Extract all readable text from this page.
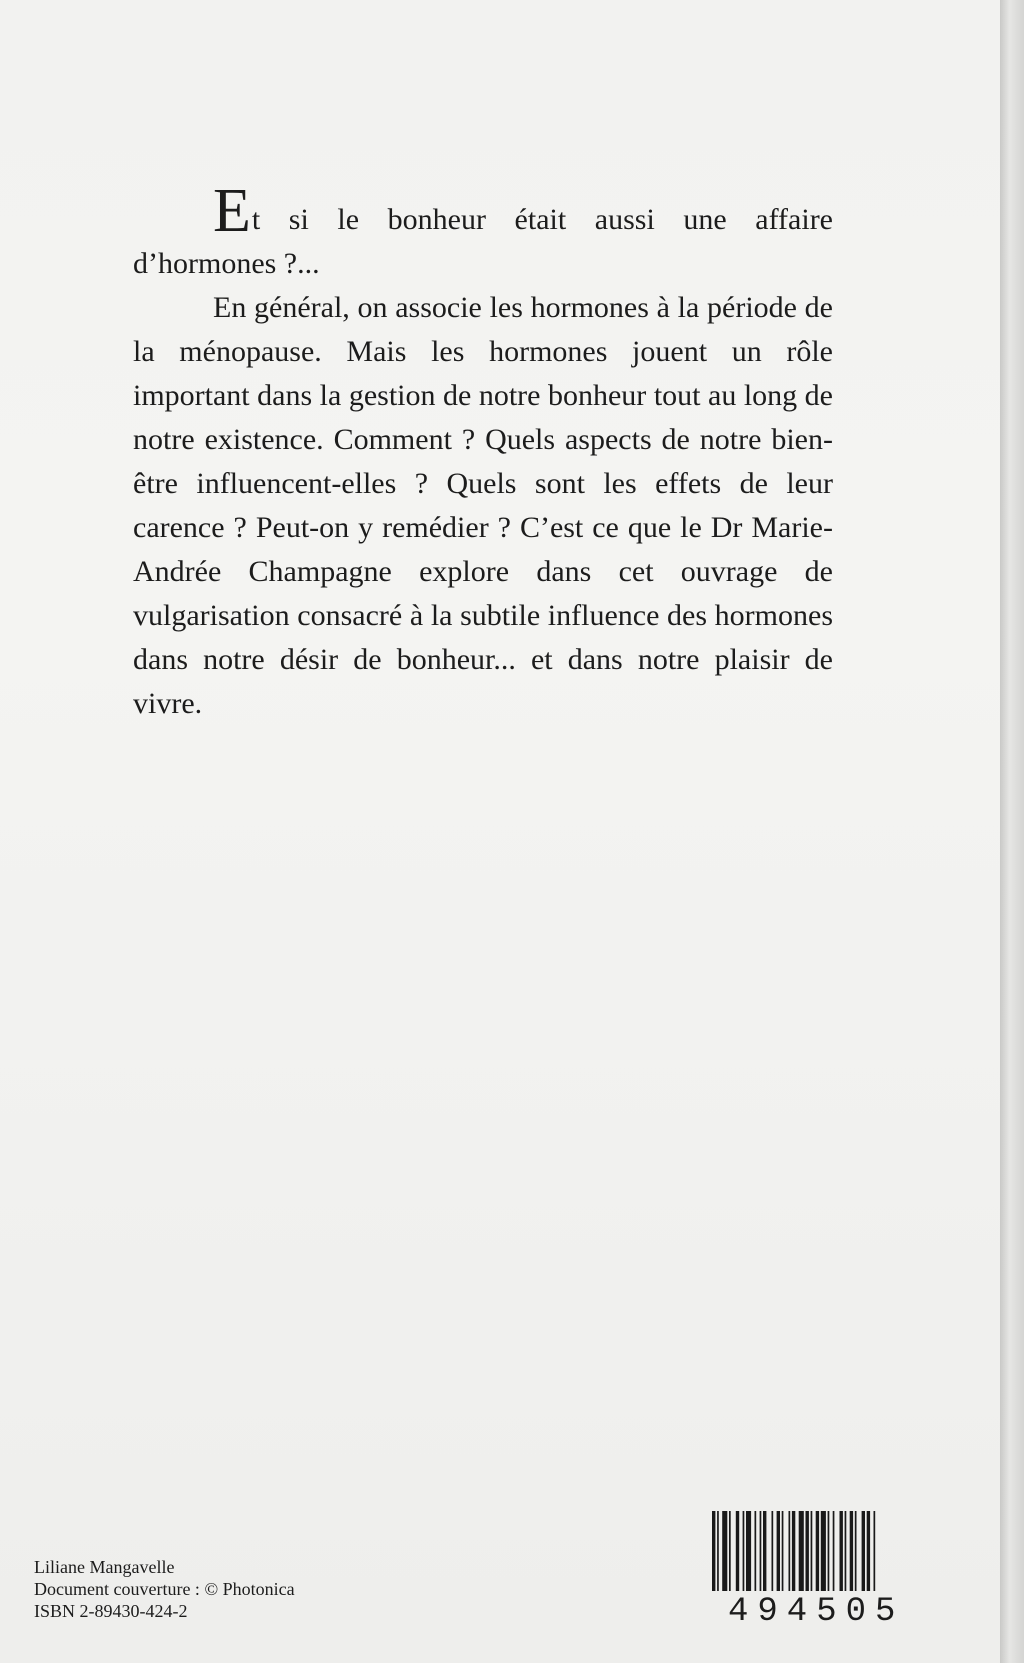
Et si le bonheur était aussi une affaire d’hormones ?...

En général, on associe les hormones à la période de la ménopause. Mais les hormones jouent un rôle important dans la gestion de notre bonheur tout au long de notre existence. Comment ? Quels aspects de notre bien-être influencent-elles ? Quels sont les effets de leur carence ? Peut-on y remédier ? C’est ce que le Dr Marie-Andrée Champagne explore dans cet ouvrage de vulgarisation consacré à la subtile influence des hormones dans notre désir de bonheur... et dans notre plaisir de vivre.

Liliane Mangavelle
Document couverture : © Photonica
ISBN 2-89430-424-2	494505
